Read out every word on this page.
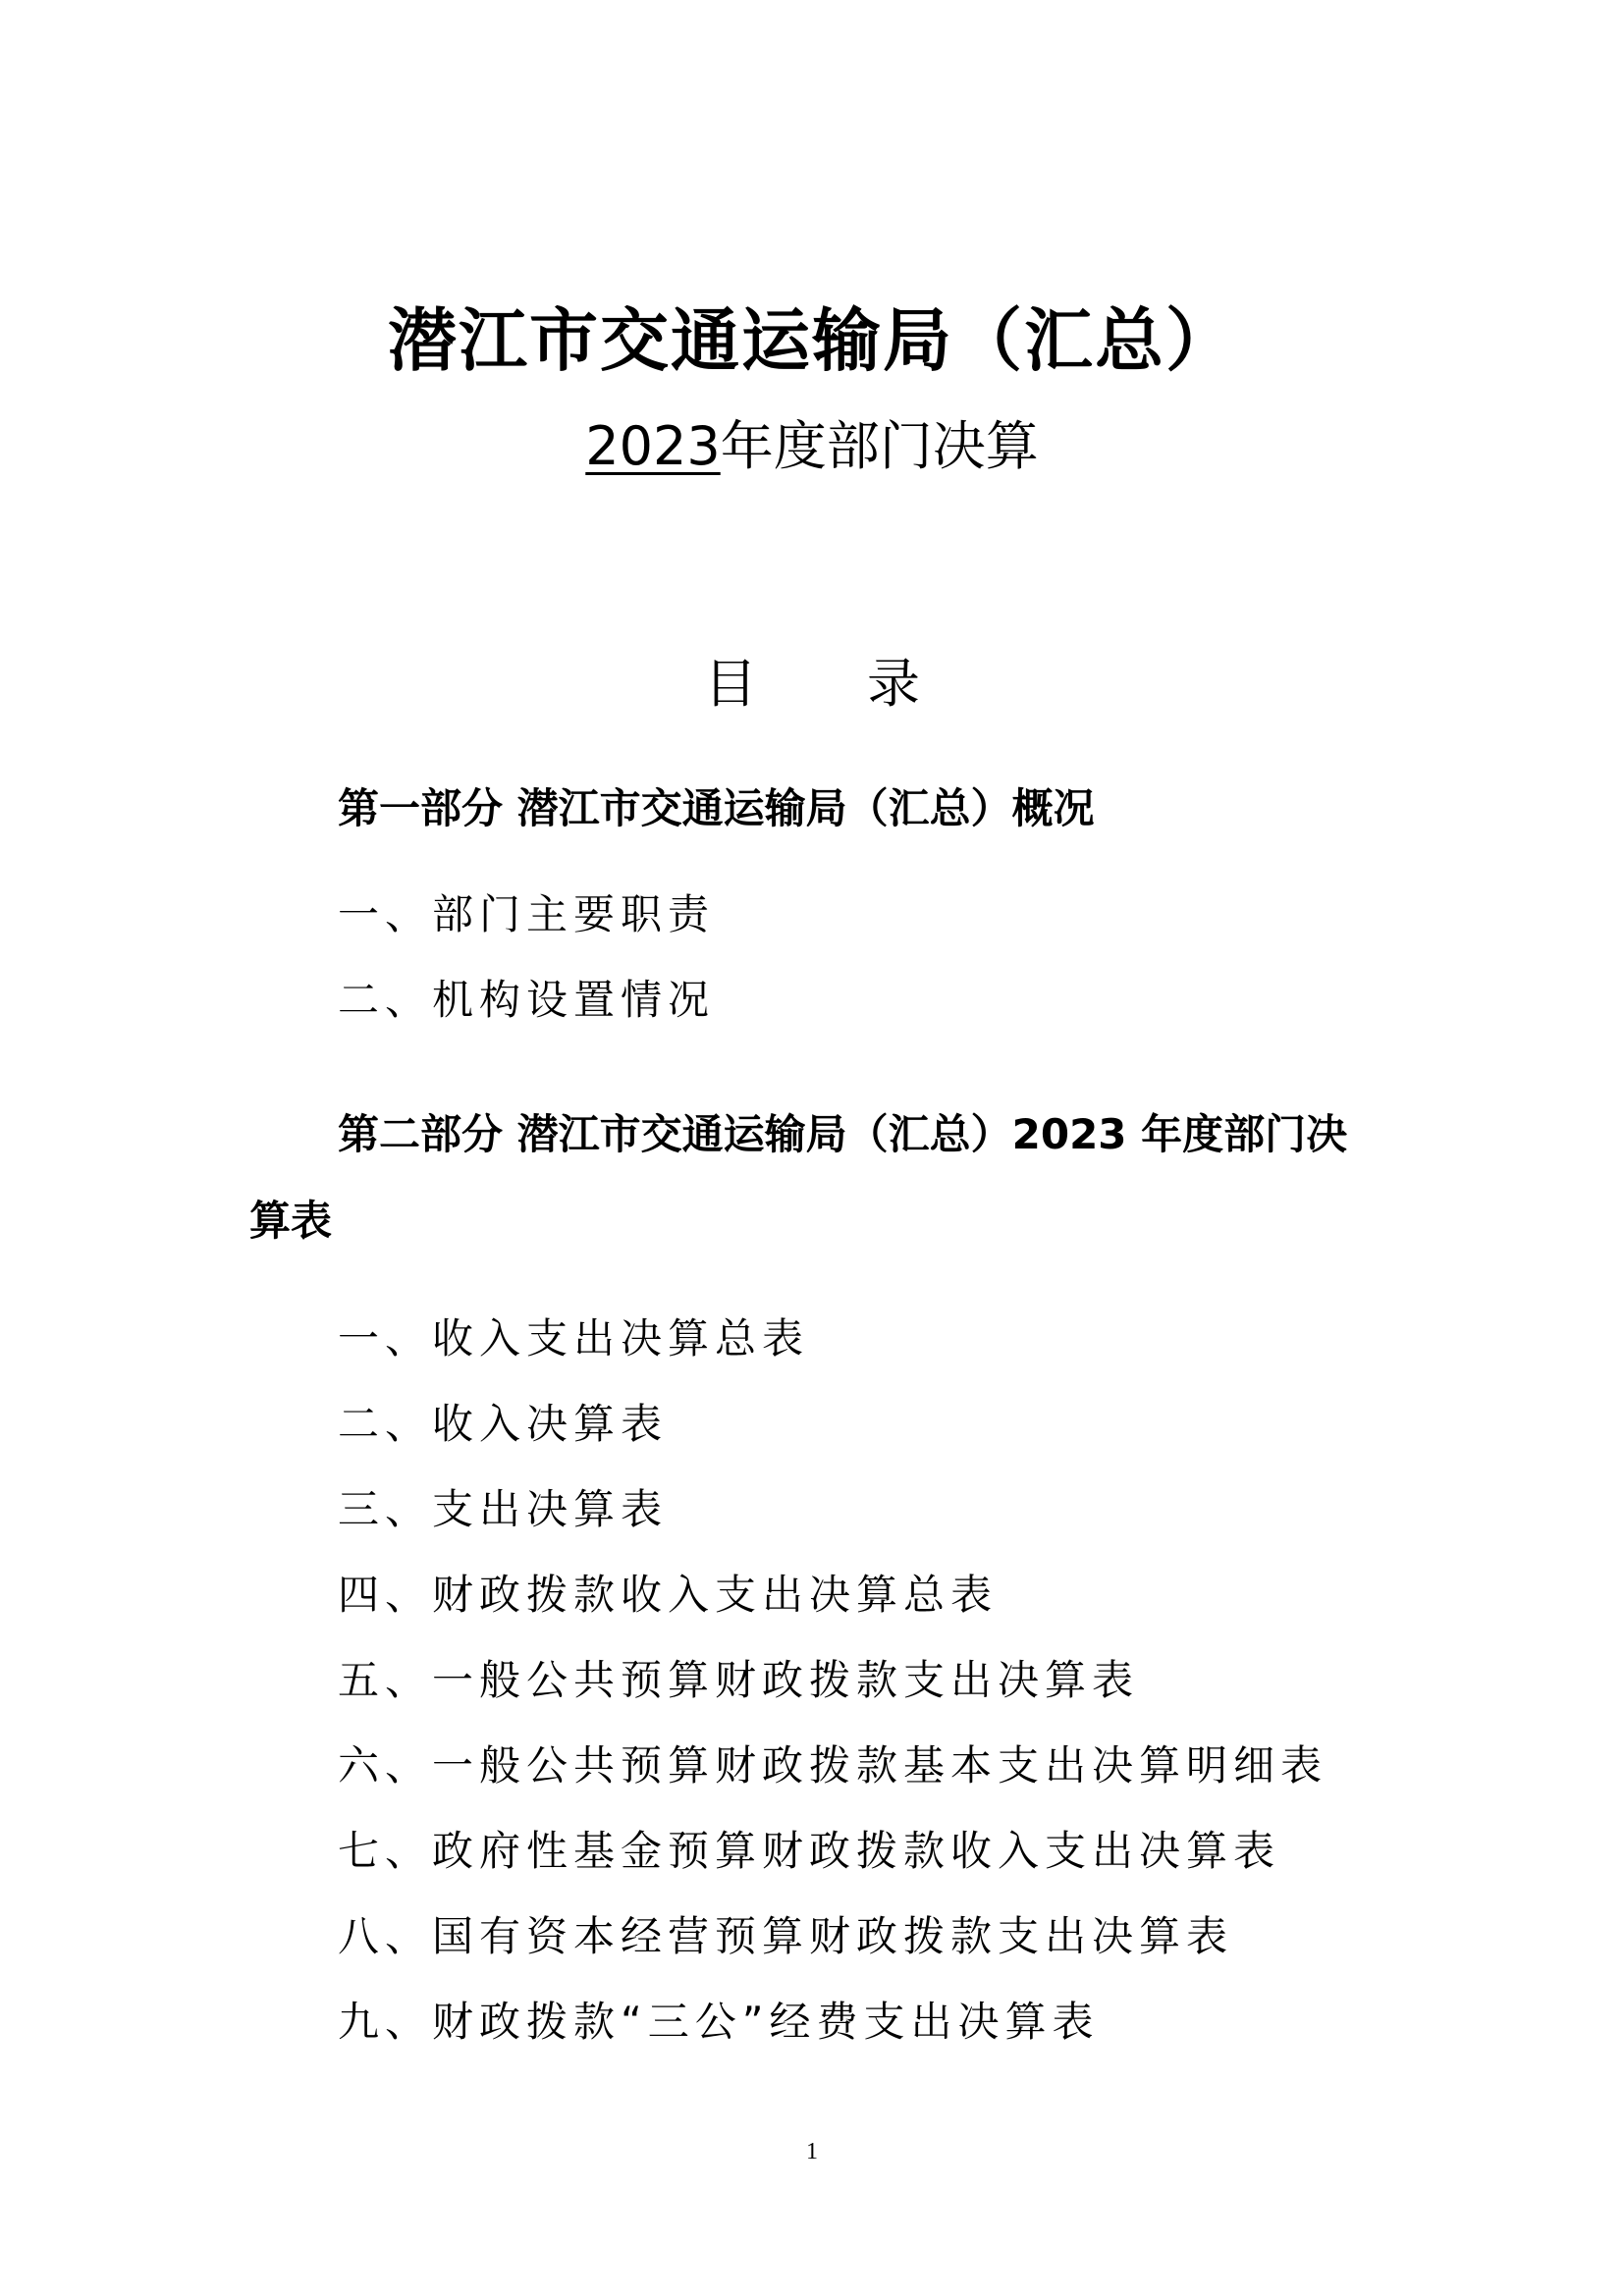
潜江市交通运输局（汇总）
2023年度部门决算
目 录
第一部分 潜江市交通运输局（汇总）概况
一、部门主要职责
二、机构设置情况
第二部分 潜江市交通运输局（汇总）2023 年度部门决
算表
一、收入支出决算总表
二、收入决算表
三、支出决算表
四、财政拨款收入支出决算总表
五、一般公共预算财政拨款支出决算表
六、一般公共预算财政拨款基本支出决算明细表
七、政府性基金预算财政拨款收入支出决算表
八、国有资本经营预算财政拨款支出决算表
九、财政拨款“三公”经费支出决算表
1
